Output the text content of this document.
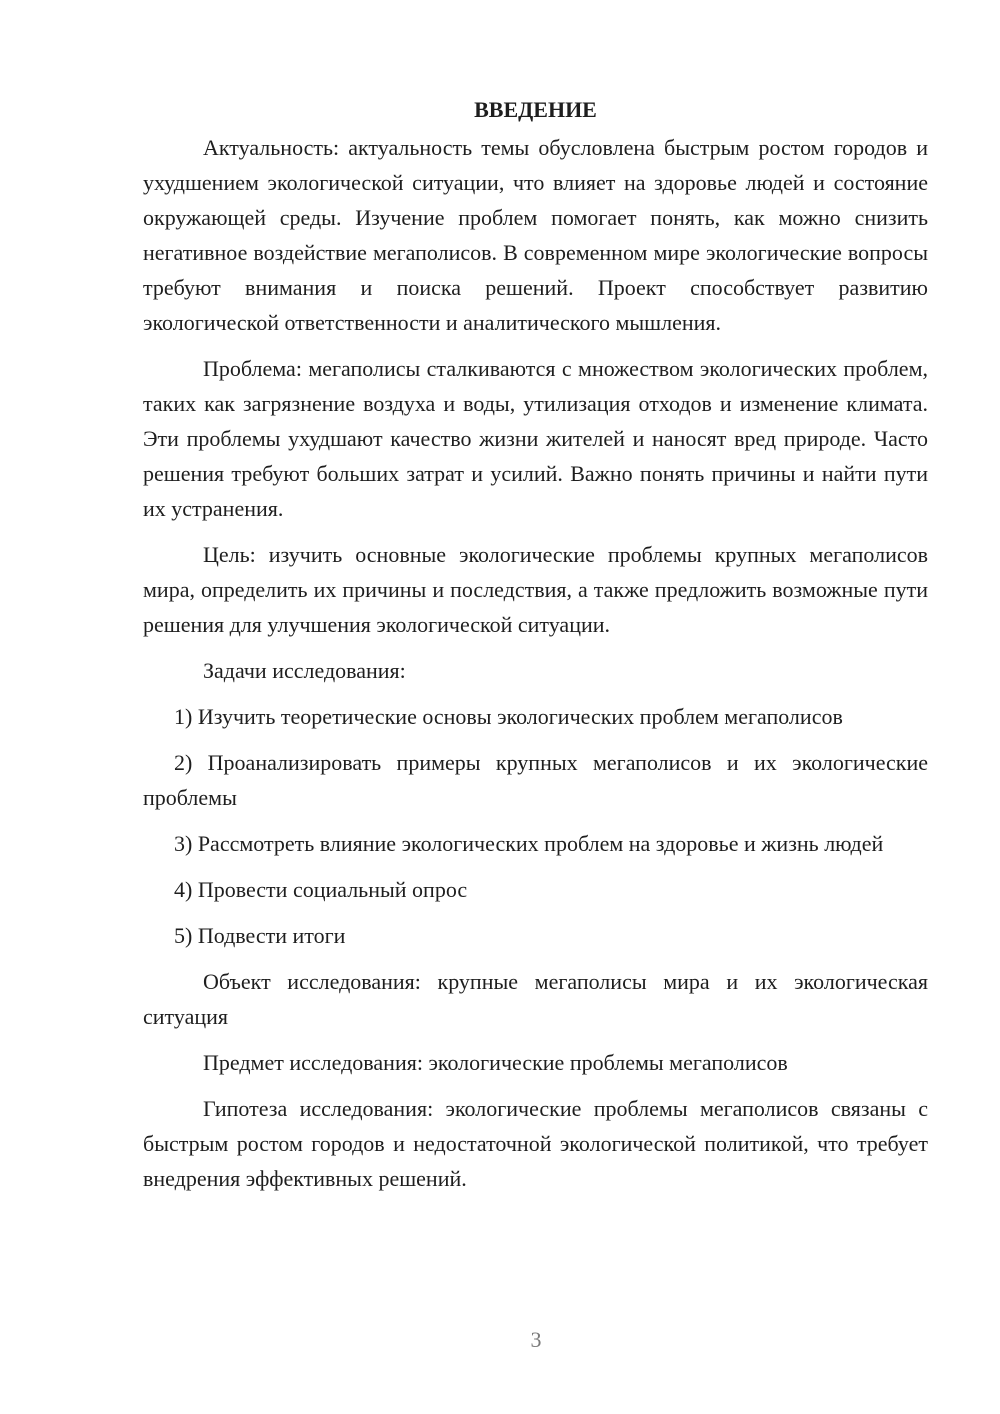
ВВЕДЕНИЕ

Актуальность: актуальность темы обусловлена быстрым ростом городов и ухудшением экологической ситуации, что влияет на здоровье людей и состояние окружающей среды. Изучение проблем помогает понять, как можно снизить негативное воздействие мегаполисов. В современном мире экологические вопросы требуют внимания и поиска решений. Проект способствует развитию экологической ответственности и аналитического мышления.

Проблема: мегаполисы сталкиваются с множеством экологических проблем, таких как загрязнение воздуха и воды, утилизация отходов и изменение климата. Эти проблемы ухудшают качество жизни жителей и наносят вред природе. Часто решения требуют больших затрат и усилий. Важно понять причины и найти пути их устранения.

Цель: изучить основные экологические проблемы крупных мегаполисов мира, определить их причины и последствия, а также предложить возможные пути решения для улучшения экологической ситуации.

Задачи исследования:

1) Изучить теоретические основы экологических проблем мегаполисов

2) Проанализировать примеры крупных мегаполисов и их экологические проблемы

3) Рассмотреть влияние экологических проблем на здоровье и жизнь людей

4) Провести социальный опрос

5) Подвести итоги

Объект исследования: крупные мегаполисы мира и их экологическая ситуация

Предмет исследования: экологические проблемы мегаполисов

Гипотеза исследования: экологические проблемы мегаполисов связаны с быстрым ростом городов и недостаточной экологической политикой, что требует внедрения эффективных решений.

3
